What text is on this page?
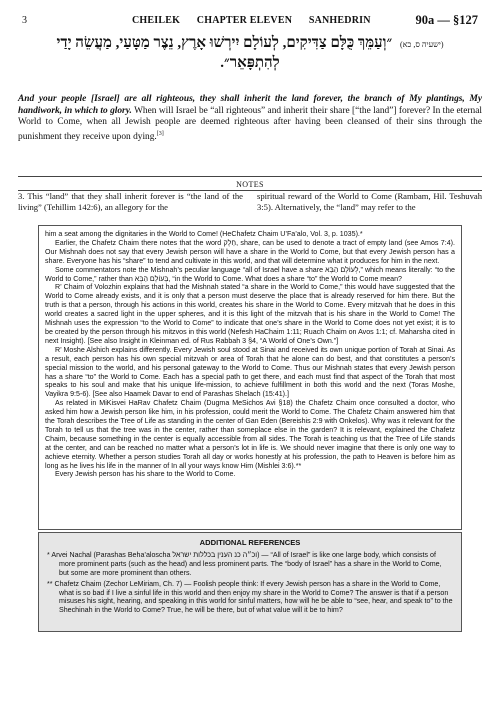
3	CHEILEK CHAPTER ELEVEN SANHEDRIN	90a — §127
(ישעיה ס, כא) ״וְעַמֵּךְ כֻּלָּם צַדִּיקִים, לְעוֹלָם יִירְשׁוּ אָרֶץ, נֵצֶר מַטָּעַי, מַעֲשֵׂה יָדַי לְהִתְפָּאֵר״.
And your people [Israel] are all righteous, they shall inherit the land forever, the branch of My plantings, My handiwork, in which to glory. When will Israel be “all righteous” and inherit their share [“the land”] forever? In the eternal World to Come, when all Jewish people are deemed righteous after having been cleansed of their sins through the punishment they receive upon dying.[3]
NOTES
3. This “land” that they shall inherit forever is “the land of the living” (Tehillim 142:6), an allegory for the
spiritual reward of the World to Come (Rambam, Hil. Teshuvah 3:5). Alternatively, the “land” may refer to the

him a seat among the dignitaries in the World to Come! (HeChafetz Chaim U’Fa’alo, Vol. 3, p. 1035).*

Earlier, the Chafetz Chaim there notes that the word חֵלֶק, share, can be used to denote a tract of empty land (see Amos 7:4). Our Mishnah does not say that every Jewish person will have a share in the World to Come, but that every Jewish person has a share. Everyone has his “share” to tend and cultivate in this world, and that will determine what it produces for him in the next.

Some commentators note the Mishnah’s peculiar language “all of Israel have a share לְעוֹלָם הַבָּא,” which means literally: “to the World to Come,” rather than בָּעוֹלָם הַבָּא, “in the World to Come. What does a share “to” the World to Come mean?

R’ Chaim of Volozhin explains that had the Mishnah stated “a share in the World to Come,” this would have suggested that the World to Come already exists, and it is only that a person must deserve the place that is already reserved for him there. But the truth is that a person, through his actions in this world, creates his share in the World to Come. Every mitzvah that he does in this world creates a sacred light in the upper spheres, and it is this light of the mitzvah that is his share in the World to Come! The Mishnah uses the expression “to the World to Come” to indicate that one’s share in the World to Come does not yet exist; it is to be created by the person through his mitzvos in this world (Nefesh HaChaim 1:11; Ruach Chaim on Avos 1:1; cf. Maharsha cited in next Insight). [See also Insight in Kleinman ed. of Rus Rabbah 3 §4, “A World of One’s Own.”]

R’ Moshe Alshich explains differently. Every Jewish soul stood at Sinai and received its own unique portion of Torah at Sinai. As a result, each person has his own special mitzvah or area of Torah that he alone can do best, and that constitutes a person’s special mission to the world, and his personal gateway to the World to Come. Thus our Mishnah states that every Jewish person has a share “to” the World to Come. Each has a special path to get there, and each must find that aspect of the Torah that most speaks to his soul and make that his unique life-mission, to achieve fulfillment in both this world and the next (Toras Moshe, Vayikra 9:5-6). [See also Haamek Davar to end of Parashas Shelach (15:41).]

As related in MiKisvei HaRav Chafetz Chaim (Dugma MeSichos Avi §18) the Chafetz Chaim once consulted a doctor, who asked him how a Jewish person like him, in his profession, could merit the World to Come. The Chafetz Chaim answered him that the Torah describes the Tree of Life as standing in the center of Gan Eden (Bereishis 2:9 with Onkelos). Why was it relevant for the Torah to tell us that the tree was in the center, rather than someplace else in the garden? It is relevant, explained the Chafetz Chaim, because something in the center is equally accessible from all sides. The Torah is teaching us that the Tree of Life stands at the center, and can be reached no matter what a person’s lot in life is. We should never imagine that there is only one way to achieve eternity. Whether a person studies Torah all day or works honestly at his profession, the path to Heaven is before him as long as he lives his life in the manner of In all your ways know Him (Mishlei 3:6).**

Every Jewish person has his share to the World to Come.

ADDITIONAL REFERENCES

* Arvei Nachal (Parashas Beha’aloscha וכ״ה כנ הענין בכללות ישראל) — “All of Israel” is like one large body, which consists of more prominent parts (such as the head) and less prominent parts. The “body of Israel” has a share in the World to Come, but some are more prominent than others.

** Chafetz Chaim (Zechor LeMiriam, Ch. 7) — Foolish people think: If every Jewish person has a share in the World to Come, what is so bad if I live a sinful life in this world and then enjoy my share in the World to Come? The answer is that if a person misuses his sight, hearing, and speaking in this world for sinful matters, how will he be able to “see, hear, and speak to” to the Shechinah in the World to Come? True, he will be there, but of what value will it be to him?
